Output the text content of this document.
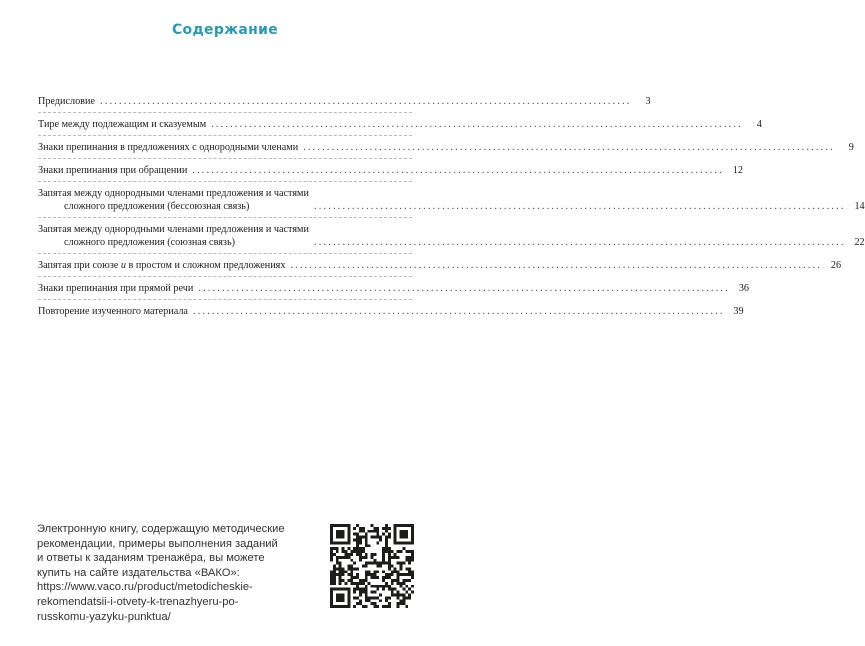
Содержание
Предисловие ................................................................................................................	3
Тире между подлежащим и сказуемым ................................................................................................................	4
Знаки препинания в предложениях с однородными членами ................................................................................................................	9
Знаки препинания при обращении ................................................................................................................ 12
Запятая между однородными членами предложения и частями
сложного предложения (бессоюзная связь)	................................................................................................................ 14
Запятая между однородными членами предложения и частями
сложного предложения (союзная связь)	................................................................................................................ 22
Запятая при союзе и в простом и сложном предложениях ................................................................................................................ 26
Знаки препинания при прямой речи ................................................................................................................ 36
Повторение изученного материала ................................................................................................................ 39
Электронную книгу, содержащую методические
рекомендации, примеры выполнения заданий
и ответы к заданиям тренажёра, вы можете
купить на сайте издательства «ВАКО»:
https://www.vaco.ru/product/metodicheskie-
rekomendatsii-i-otvety-k-trenazhyeru-po-
russkomu-yazyku-punktua/
